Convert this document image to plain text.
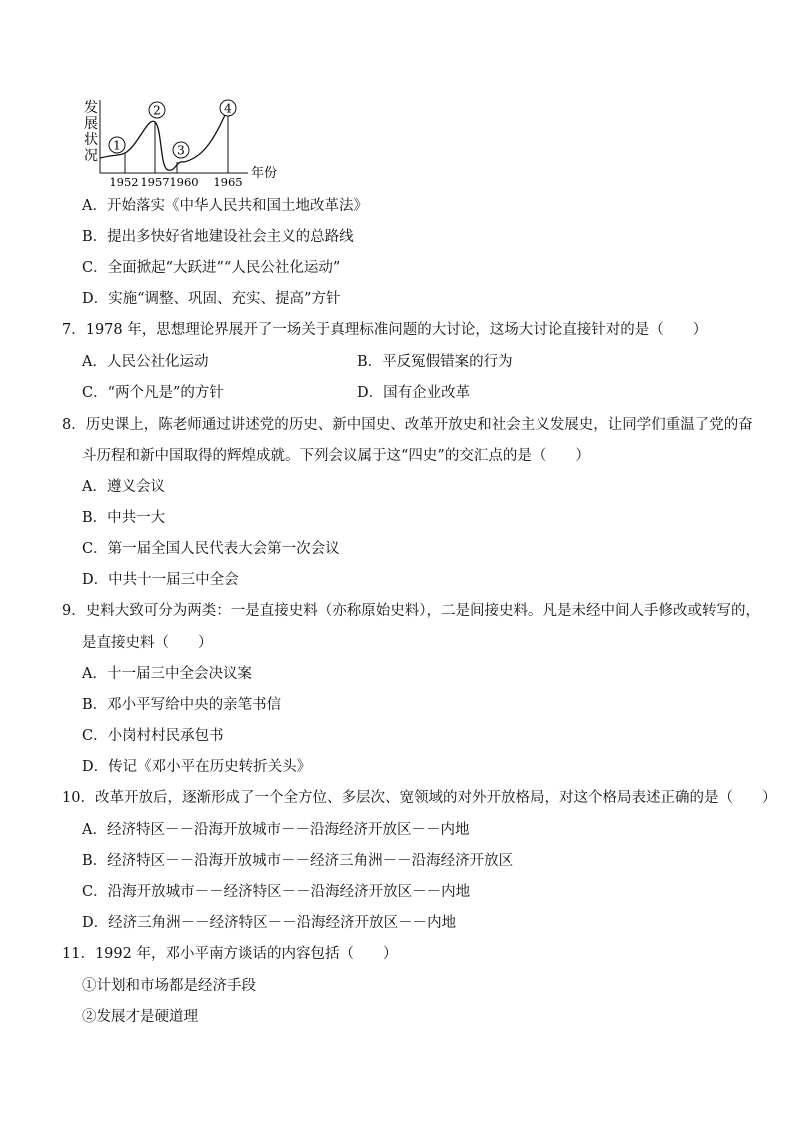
发
展
状
况
年份
1
2
3
4
1952 1957 1960 1965
A．开始落实《中华人民共和国土地改革法》
B．提出多快好省地建设社会主义的总路线
C．全面掀起“大跃进”“人民公社化运动”
D．实施“调整、巩固、充实、提高”方针
7．1978 年，思想理论界展开了一场关于真理标准问题的大讨论，这场大讨论直接针对的是（　　）
A．人民公社化运动	B．平反冤假错案的行为
C．“两个凡是”的方针	D．国有企业改革
8．历史课上，陈老师通过讲述党的历史、新中国史、改革开放史和社会主义发展史，让同学们重温了党的奋
斗历程和新中国取得的辉煌成就。下列会议属于这“四史”的交汇点的是（　　）
A．遵义会议
B．中共一大
C．第一届全国人民代表大会第一次会议
D．中共十一届三中全会
9．史料大致可分为两类：一是直接史料（亦称原始史料），二是间接史料。凡是未经中间人手修改或转写的，
是直接史料（　　）
A．十一届三中全会决议案
B．邓小平写给中央的亲笔书信
C．小岗村村民承包书
D．传记《邓小平在历史转折关头》
10．改革开放后，逐渐形成了一个全方位、多层次、宽领域的对外开放格局，对这个格局表述正确的是（　　）
A．经济特区－－沿海开放城市－－沿海经济开放区－－内地
B．经济特区－－沿海开放城市－－经济三角洲－－沿海经济开放区
C．沿海开放城市－－经济特区－－沿海经济开放区－－内地
D．经济三角洲－－经济特区－－沿海经济开放区－－内地
11．1992 年，邓小平南方谈话的内容包括（　　）
①计划和市场都是经济手段
②发展才是硬道理
